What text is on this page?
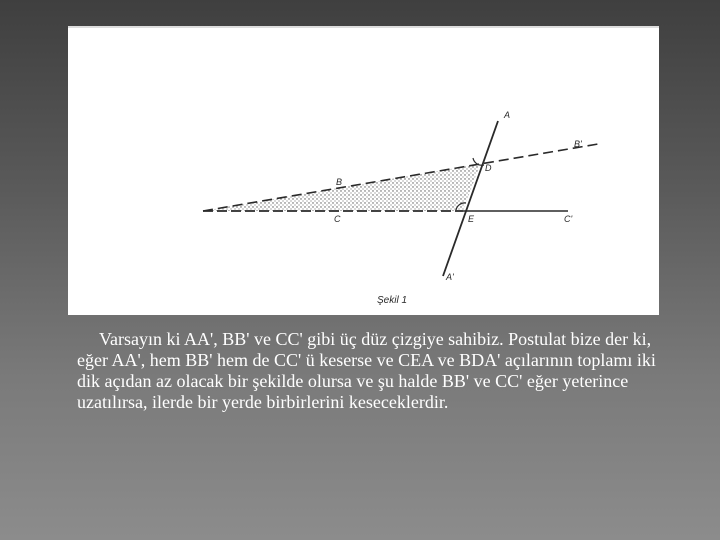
A
A'
B
B'
C	C'
D
E
Şekil 1

Varsayın ki AA', BB' ve CC' gibi üç düz çizgiye sahibiz. Postulat bize der ki, eğer AA', hem BB' hem de CC' ü keserse ve CEA ve BDA' açılarının toplamı iki dik açıdan az olacak bir şekilde olursa ve şu halde BB' ve CC' eğer yeterince uzatılırsa, ilerde bir yerde birbirlerini keseceklerdir.
